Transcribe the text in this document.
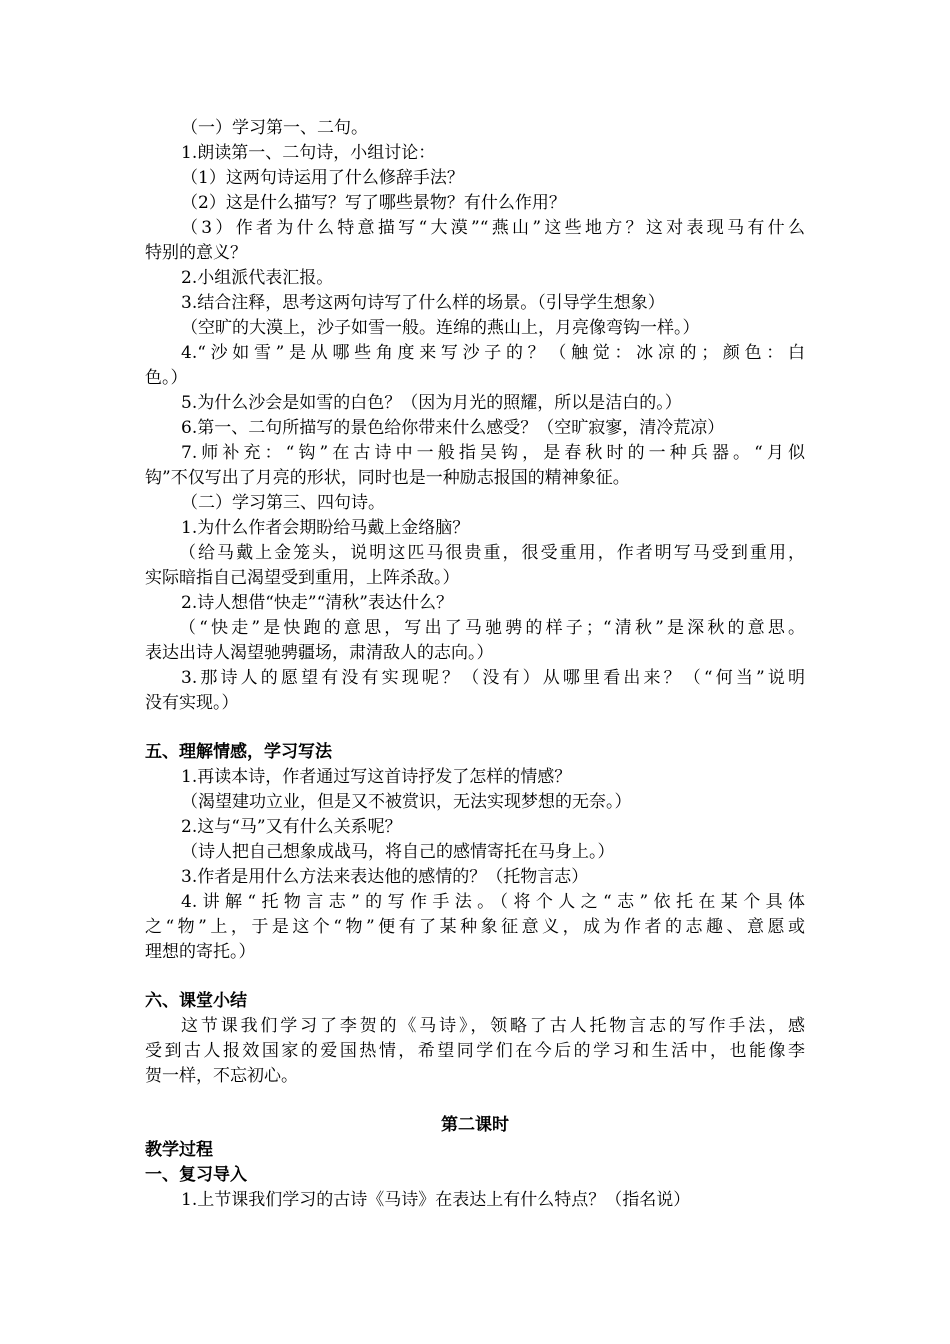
（一）学习第一、二句。
1.朗读第一、二句诗，小组讨论：
（1）这两句诗运用了什么修辞手法？
（2）这是什么描写？写了哪些景物？有什么作用？
（3）作者为什么特意描写“大漠”“燕山”这些地方？这对表现马有什么
特别的意义？
2.小组派代表汇报。
3.结合注释，思考这两句诗写了什么样的场景。（引导学生想象）
（空旷的大漠上，沙子如雪一般。连绵的燕山上，月亮像弯钩一样。）
4.“沙如雪”是从哪些角度来写沙子的？（触觉：冰凉的；颜色：白
色。）
5.为什么沙会是如雪的白色？（因为月光的照耀，所以是洁白的。）
6.第一、二句所描写的景色给你带来什么感受？（空旷寂寥，清冷荒凉）
7.师补充：“钩”在古诗中一般指吴钩，是春秋时的一种兵器。“月似
钩”不仅写出了月亮的形状，同时也是一种励志报国的精神象征。
（二）学习第三、四句诗。
1.为什么作者会期盼给马戴上金络脑？
（给马戴上金笼头，说明这匹马很贵重，很受重用，作者明写马受到重用，
实际暗指自己渴望受到重用，上阵杀敌。）
2.诗人想借“快走”“清秋”表达什么？
（“快走”是快跑的意思，写出了马驰骋的样子；“清秋”是深秋的意思。
表达出诗人渴望驰骋疆场，肃清敌人的志向。）
3.那诗人的愿望有没有实现呢？（没有）从哪里看出来？（“何当”说明
没有实现。）
五、理解情感，学习写法
1.再读本诗，作者通过写这首诗抒发了怎样的情感？
（渴望建功立业，但是又不被赏识，无法实现梦想的无奈。）
2.这与“马”又有什么关系呢？
（诗人把自己想象成战马，将自己的感情寄托在马身上。）
3.作者是用什么方法来表达他的感情的？（托物言志）
4.讲解“托物言志”的写作手法。（将个人之“志”依托在某个具体
之“物”上，于是这个“物”便有了某种象征意义，成为作者的志趣、意愿或
理想的寄托。）
六、课堂小结
这节课我们学习了李贺的《马诗》，领略了古人托物言志的写作手法，感
受到古人报效国家的爱国热情，希望同学们在今后的学习和生活中，也能像李
贺一样，不忘初心。
第二课时
教学过程
一、复习导入
1.上节课我们学习的古诗《马诗》在表达上有什么特点？（指名说）
